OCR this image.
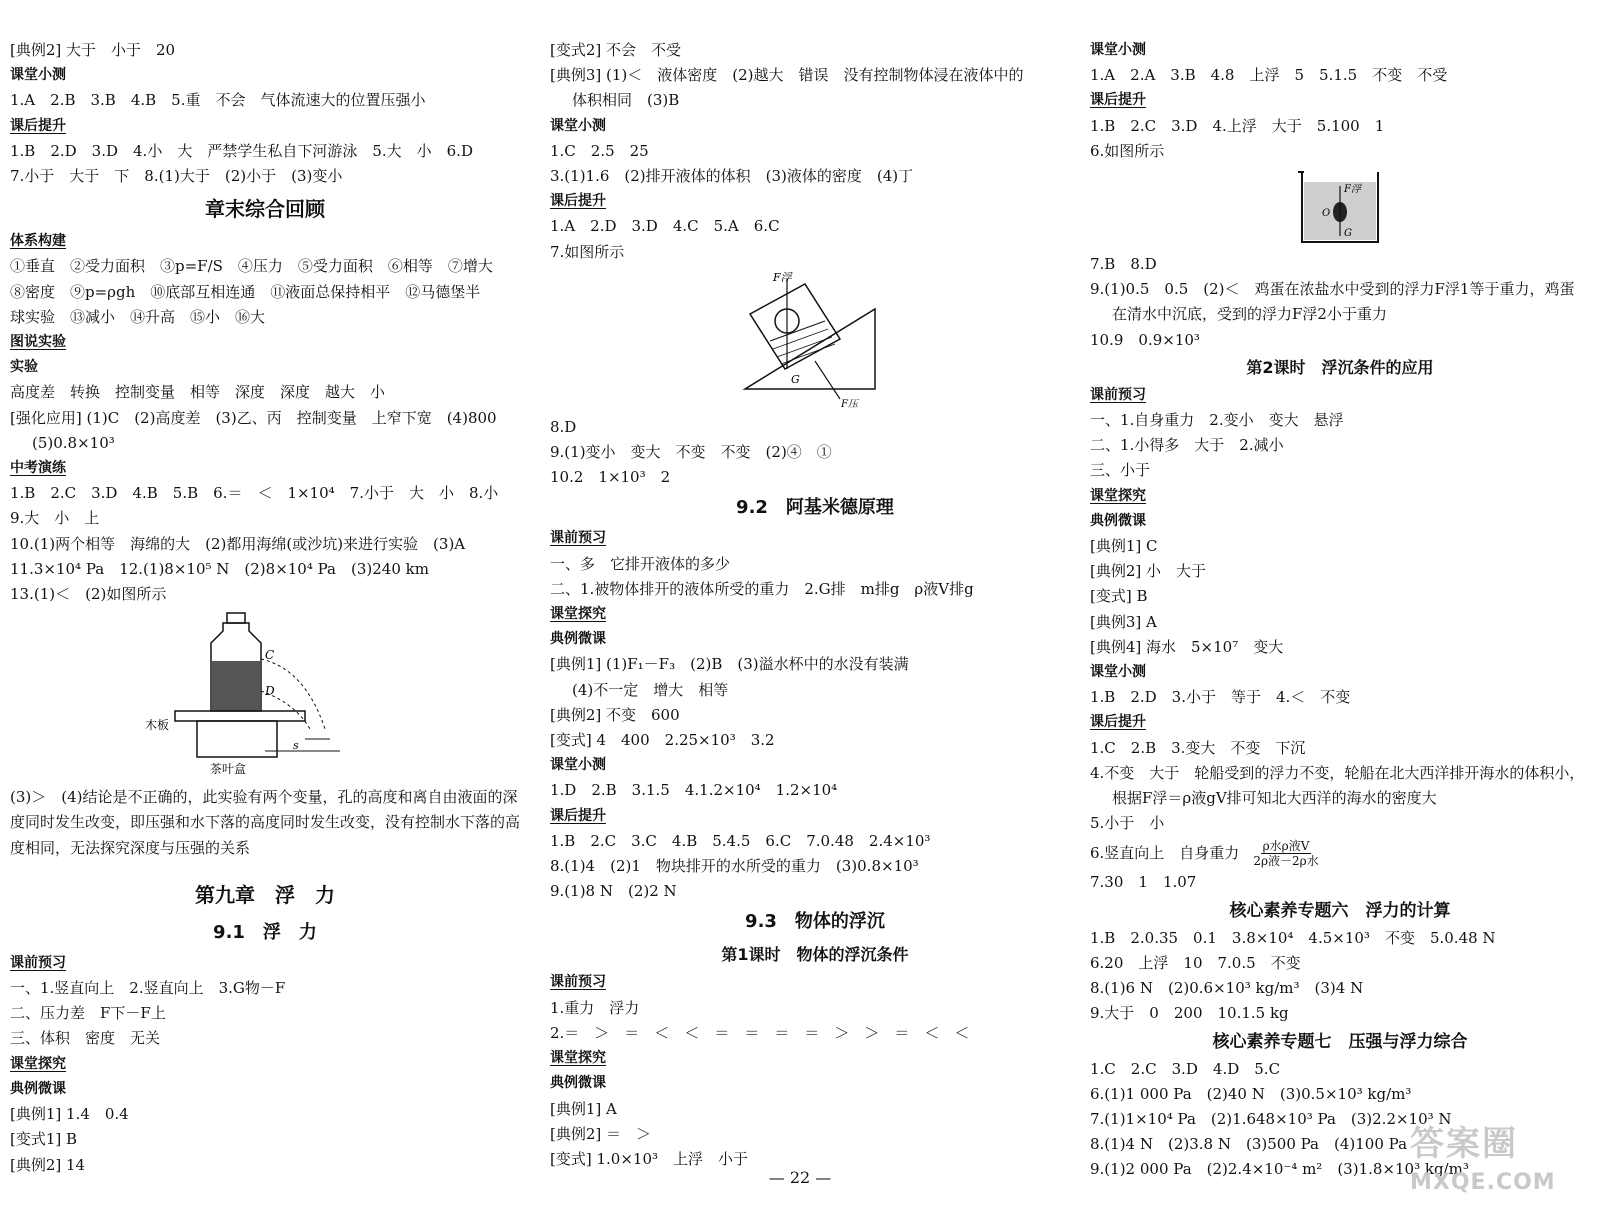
[典例2] 大于　小于　20
课堂小测
1.A　2.B　3.B　4.B　5.重　不会　气体流速大的位置压强小
课后提升
1.B　2.D　3.D　4.小　大　严禁学生私自下河游泳　5.大　小　6.D
7.小于　大于　下　8.(1)大于　(2)小于　(3)变小
章末综合回顾
体系构建
①垂直　②受力面积　③p=F/S　④压力　⑤受力面积　⑥相等　⑦增大
⑧密度　⑨p=ρgh　⑩底部互相连通　⑪液面总保持相平　⑫马德堡半
球实验　⑬减小　⑭升高　⑮小　⑯大
图说实验
实验
高度差　转换　控制变量　相等　深度　深度　越大　小
[强化应用] (1)C　(2)高度差　(3)乙、丙　控制变量　上窄下宽　(4)800
(5)0.8×10³
中考演练
1.B　2.C　3.D　4.B　5.B　6.＝　＜　1×10⁴　7.小于　大　小　8.小
9.大　小　上
10.(1)两个相等　海绵的大　(2)都用海绵(或沙坑)来进行实验　(3)A
11.3×10⁴ Pa　12.(1)8×10⁵ N　(2)8×10⁴ Pa　(3)240 km
13.(1)＜　(2)如图所示
C
D
s
木板
茶叶盒
(3)＞　(4)结论是不正确的，此实验有两个变量，孔的高度和离自由液面的深度同时发生改变，即压强和水下落的高度同时发生改变，没有控制水下落的高度相同，无法探究深度与压强的关系
第九章　浮　力
9.1　浮　力
课前预习
一、1.竖直向上　2.竖直向上　3.G物－F
二、压力差　F下－F上
三、体积　密度　无关
课堂探究
典例微课
[典例1] 1.4　0.4
[变式1] B
[典例2] 14
[变式2] 不会　不受
[典例3] (1)＜　液体密度　(2)越大　错误　没有控制物体浸在液体中的
体积相同　(3)B
课堂小测
1.C　2.5　25
3.(1)1.6　(2)排开液体的体积　(3)液体的密度　(4)丁
课后提升
1.A　2.D　3.D　4.C　5.A　6.C
7.如图所示
F浮
G
F压
8.D
9.(1)变小　变大　不变　不变　(2)④　①
10.2　1×10³　2
9.2　阿基米德原理
课前预习
一、多　它排开液体的多少
二、1.被物体排开的液体所受的重力　2.G排　m排g　ρ液V排g
课堂探究
典例微课
[典例1] (1)F₁－F₃　(2)B　(3)溢水杯中的水没有装满
(4)不一定　增大　相等
[典例2] 不变　600
[变式] 4　400　2.25×10³　3.2
课堂小测
1.D　2.B　3.1.5　4.1.2×10⁴　1.2×10⁴
课后提升
1.B　2.C　3.C　4.B　5.4.5　6.C　7.0.48　2.4×10³
8.(1)4　(2)1　物块排开的水所受的重力　(3)0.8×10³
9.(1)8 N　(2)2 N
9.3　物体的浮沉
第1课时　物体的浮沉条件
课前预习
1.重力　浮力
2.＝　＞　＝　＜　＜　＝　＝　＝　＝　＞　＞　＝　＜　＜
课堂探究
典例微课
[典例1] A
[典例2] ＝　＞
[变式] 1.0×10³　上浮　小于
课堂小测
1.A　2.A　3.B　4.8　上浮　5　5.1.5　不变　不受
课后提升
1.B　2.C　3.D　4.上浮　大于　5.100　1
6.如图所示
F浮
O
G
7.B　8.D
9.(1)0.5　0.5　(2)＜　鸡蛋在浓盐水中受到的浮力F浮1等于重力，鸡蛋
在清水中沉底，受到的浮力F浮2小于重力
10.9　0.9×10³
第2课时　浮沉条件的应用
课前预习
一、1.自身重力　2.变小　变大　悬浮
二、1.小得多　大于　2.减小
三、小于
课堂探究
典例微课
[典例1] C
[典例2] 小　大于
[变式] B
[典例3] A
[典例4] 海水　5×10⁷　变大
课堂小测
1.B　2.D　3.小于　等于　4.＜　不变
课后提升
1.C　2.B　3.变大　不变　下沉
4.不变　大于　轮船受到的浮力不变，轮船在北大西洋排开海水的体积小，
根据F浮＝ρ液gV排可知北大西洋的海水的密度大
5.小于　小
6.竖直向上　自身重力 ρ水ρ液V
2ρ液－2ρ水
7.30　1　1.07
核心素养专题六　浮力的计算
1.B　2.0.35　0.1　3.8×10⁴　4.5×10³　不变　5.0.48 N
6.20　上浮　10　7.0.5　不变
8.(1)6 N　(2)0.6×10³ kg/m³　(3)4 N
9.大于　0　200　10.1.5 kg
核心素养专题七　压强与浮力综合
1.C　2.C　3.D　4.D　5.C
6.(1)1 000 Pa　(2)40 N　(3)0.5×10³ kg/m³
7.(1)1×10⁴ Pa　(2)1.648×10³ Pa　(3)2.2×10³ N
8.(1)4 N　(2)3.8 N　(3)500 Pa　(4)100 Pa
9.(1)2 000 Pa　(2)2.4×10⁻⁴ m²　(3)1.8×10³ kg/m³
— 22 —
答案圈
MXQE.COM
